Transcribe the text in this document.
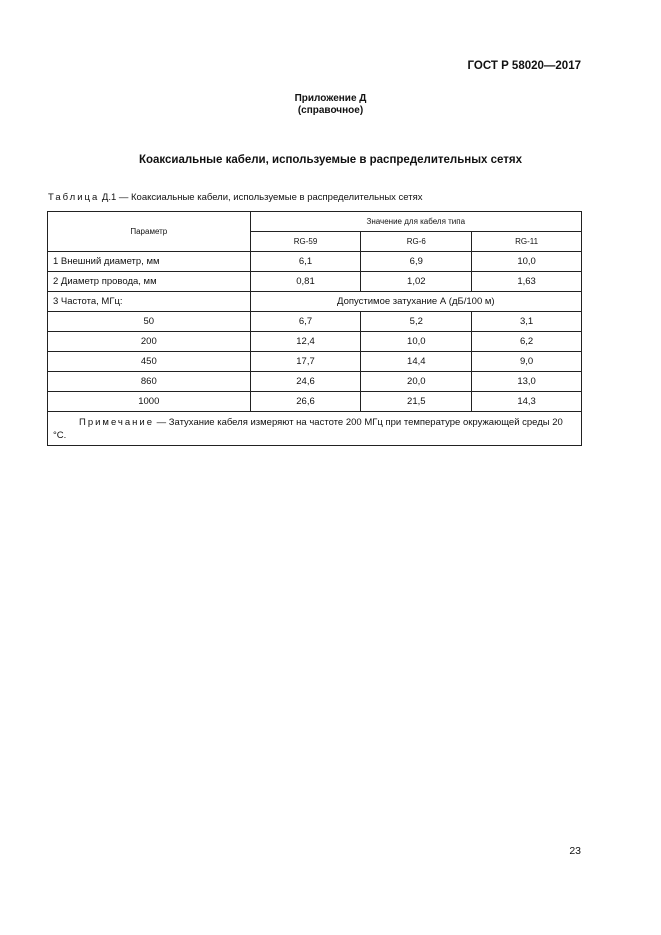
ГОСТ Р 58020—2017
Приложение Д
(справочное)
Коаксиальные кабели, используемые в распределительных сетях
Таблица Д.1 — Коаксиальные кабели, используемые в распределительных сетях
Параметр	Значение для кабеля типа		
	RG-59	RG-6	RG-11
1 Внешний диаметр, мм	6,1	6,9	10,0
2 Диаметр провода, мм	0,81	1,02	1,63
3 Частота, МГц:	Допустимое затухание А (дБ/100 м)		
50	6,7	5,2	3,1
200	12,4	10,0	6,2
450	17,7	14,4	9,0
860	24,6	20,0	13,0
1000	26,6	21,5	14,3
Примечание — Затухание кабеля измеряют на частоте 200 МГц при температуре окружающей среды 20 °С.			
23
